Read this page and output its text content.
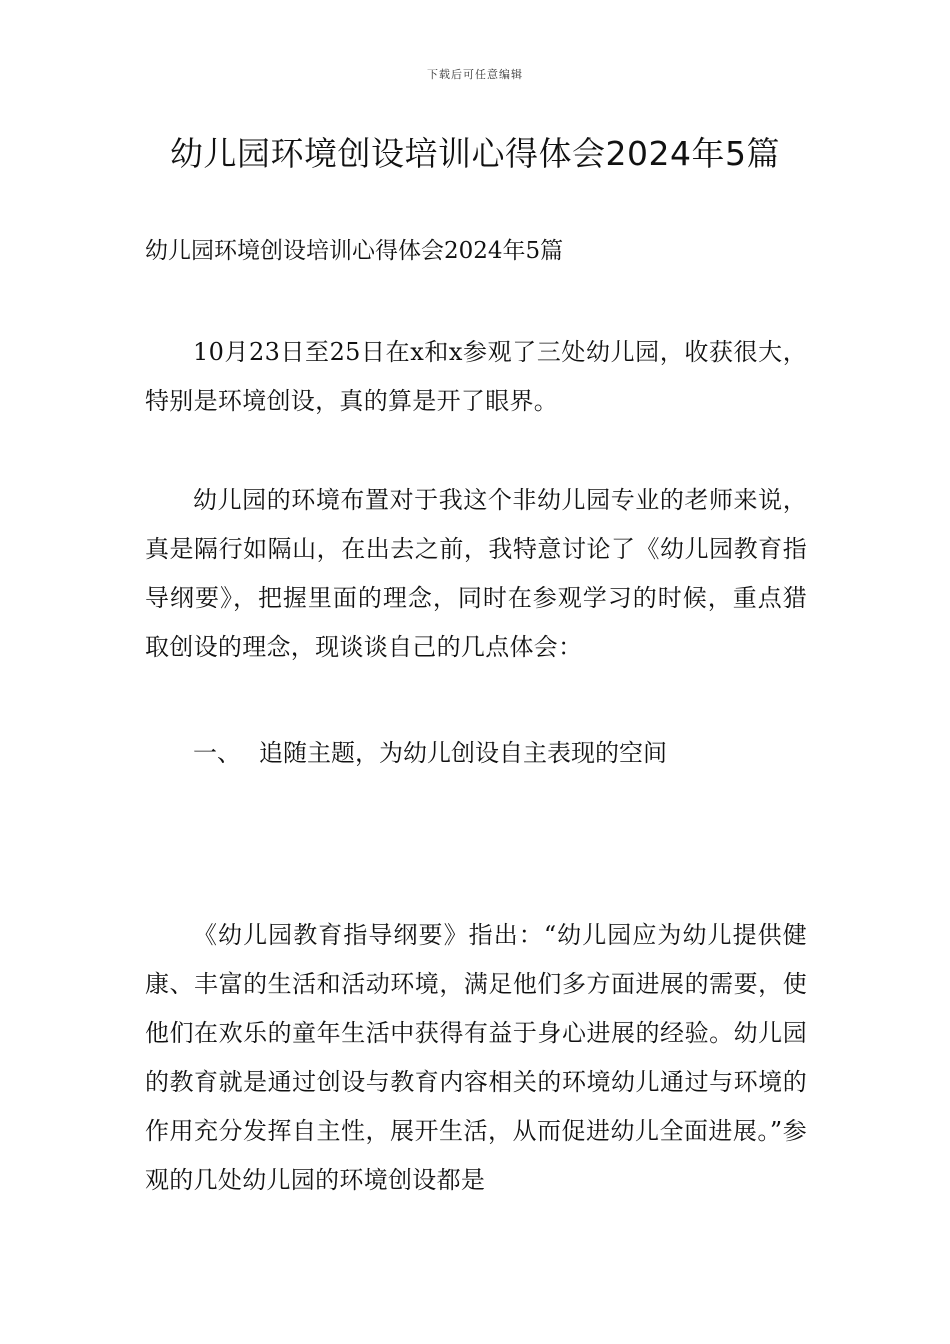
下载后可任意编辑
幼儿园环境创设培训心得体会2024年5篇

幼儿园环境创设培训心得体会2024年5篇

10月23日至25日在x和x参观了三处幼儿园，收获很大，特别是环境创设，真的算是开了眼界。

幼儿园的环境布置对于我这个非幼儿园专业的老师来说，真是隔行如隔山，在出去之前，我特意讨论了《幼儿园教育指导纲要》，把握里面的理念，同时在参观学习的时候，重点猎取创设的理念，现谈谈自己的几点体会：

一、 追随主题，为幼儿创设自主表现的空间

《幼儿园教育指导纲要》指出：“幼儿园应为幼儿提供健康、丰富的生活和活动环境，满足他们多方面进展的需要，使他们在欢乐的童年生活中获得有益于身心进展的经验。幼儿园的教育就是通过创设与教育内容相关的环境幼儿通过与环境的作用充分发挥自主性，展开生活，从而促进幼儿全面进展。”参观的几处幼儿园的环境创设都是
